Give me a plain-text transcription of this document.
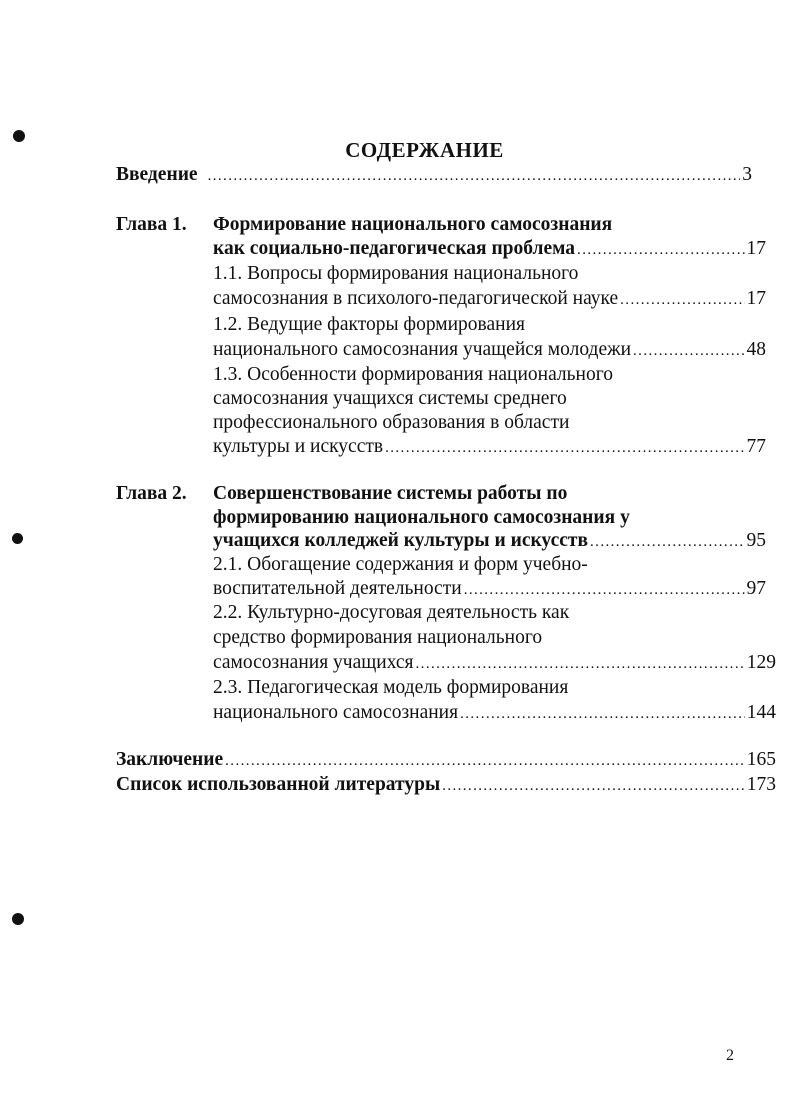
СОДЕРЖАНИЕ
Введение .....	3
Глава 1. Формирование национального самосознания
как социально-педагогическая проблема .....	17
1.1. Вопросы формирования национального
самосознания в психолого-педагогической науке .....	17
1.2. Ведущие факторы формирования
национального самосознания учащейся молодежи .....	48
1.3. Особенности формирования национального
самосознания учащихся системы среднего
профессионального образования в области
культуры и искусств .....	77
Глава 2. Совершенствование системы работы по
формированию национального самосознания у
учащихся колледжей культуры и искусств .....	95
2.1. Обогащение содержания и форм учебно-
воспитательной деятельности .....	97
2.2. Культурно-досуговая деятельность как
средство формирования национального
самосознания учащихся .....	129
2.3. Педагогическая модель формирования
национального самосознания .....	144
Заключение .....	165
Список использованной литературы .....	173
2
